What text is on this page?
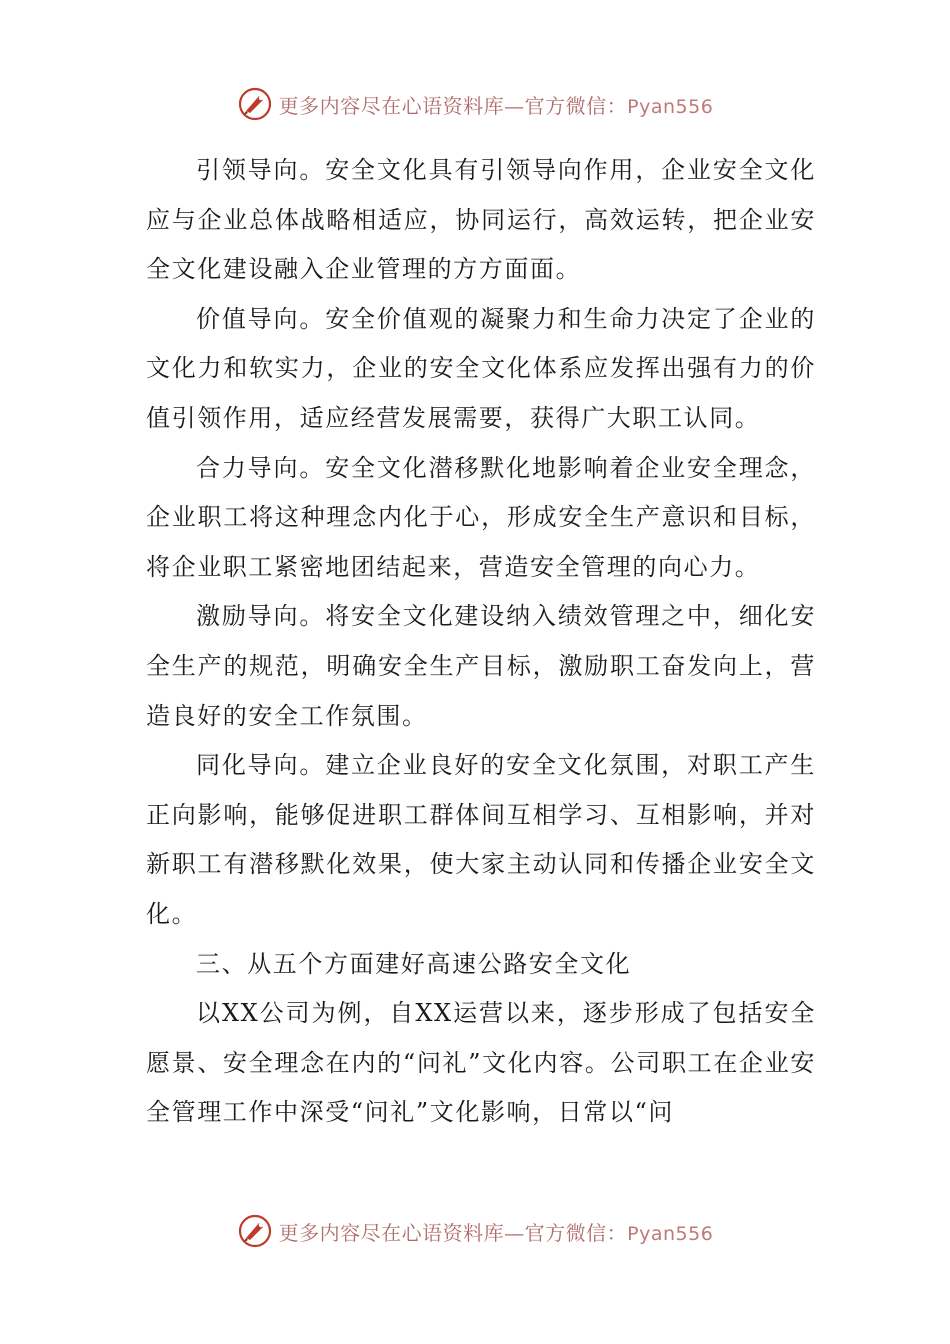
更多内容尽在心语资料库—官方微信：Pyan556

引领导向。安全文化具有引领导向作用，企业安全文化应与企业总体战略相适应，协同运行，高效运转，把企业安全文化建设融入企业管理的方方面面。

价值导向。安全价值观的凝聚力和生命力决定了企业的文化力和软实力，企业的安全文化体系应发挥出强有力的价值引领作用，适应经营发展需要，获得广大职工认同。

合力导向。安全文化潜移默化地影响着企业安全理念，企业职工将这种理念内化于心，形成安全生产意识和目标，将企业职工紧密地团结起来，营造安全管理的向心力。

激励导向。将安全文化建设纳入绩效管理之中，细化安全生产的规范，明确安全生产目标，激励职工奋发向上，营造良好的安全工作氛围。

同化导向。建立企业良好的安全文化氛围，对职工产生正向影响，能够促进职工群体间互相学习、互相影响，并对新职工有潜移默化效果，使大家主动认同和传播企业安全文化。

三、从五个方面建好高速公路安全文化

以XX公司为例，自XX运营以来，逐步形成了包括安全愿景、安全理念在内的“问礼”文化内容。公司职工在企业安全管理工作中深受“问礼”文化影响，日常以“问

更多内容尽在心语资料库—官方微信：Pyan556
